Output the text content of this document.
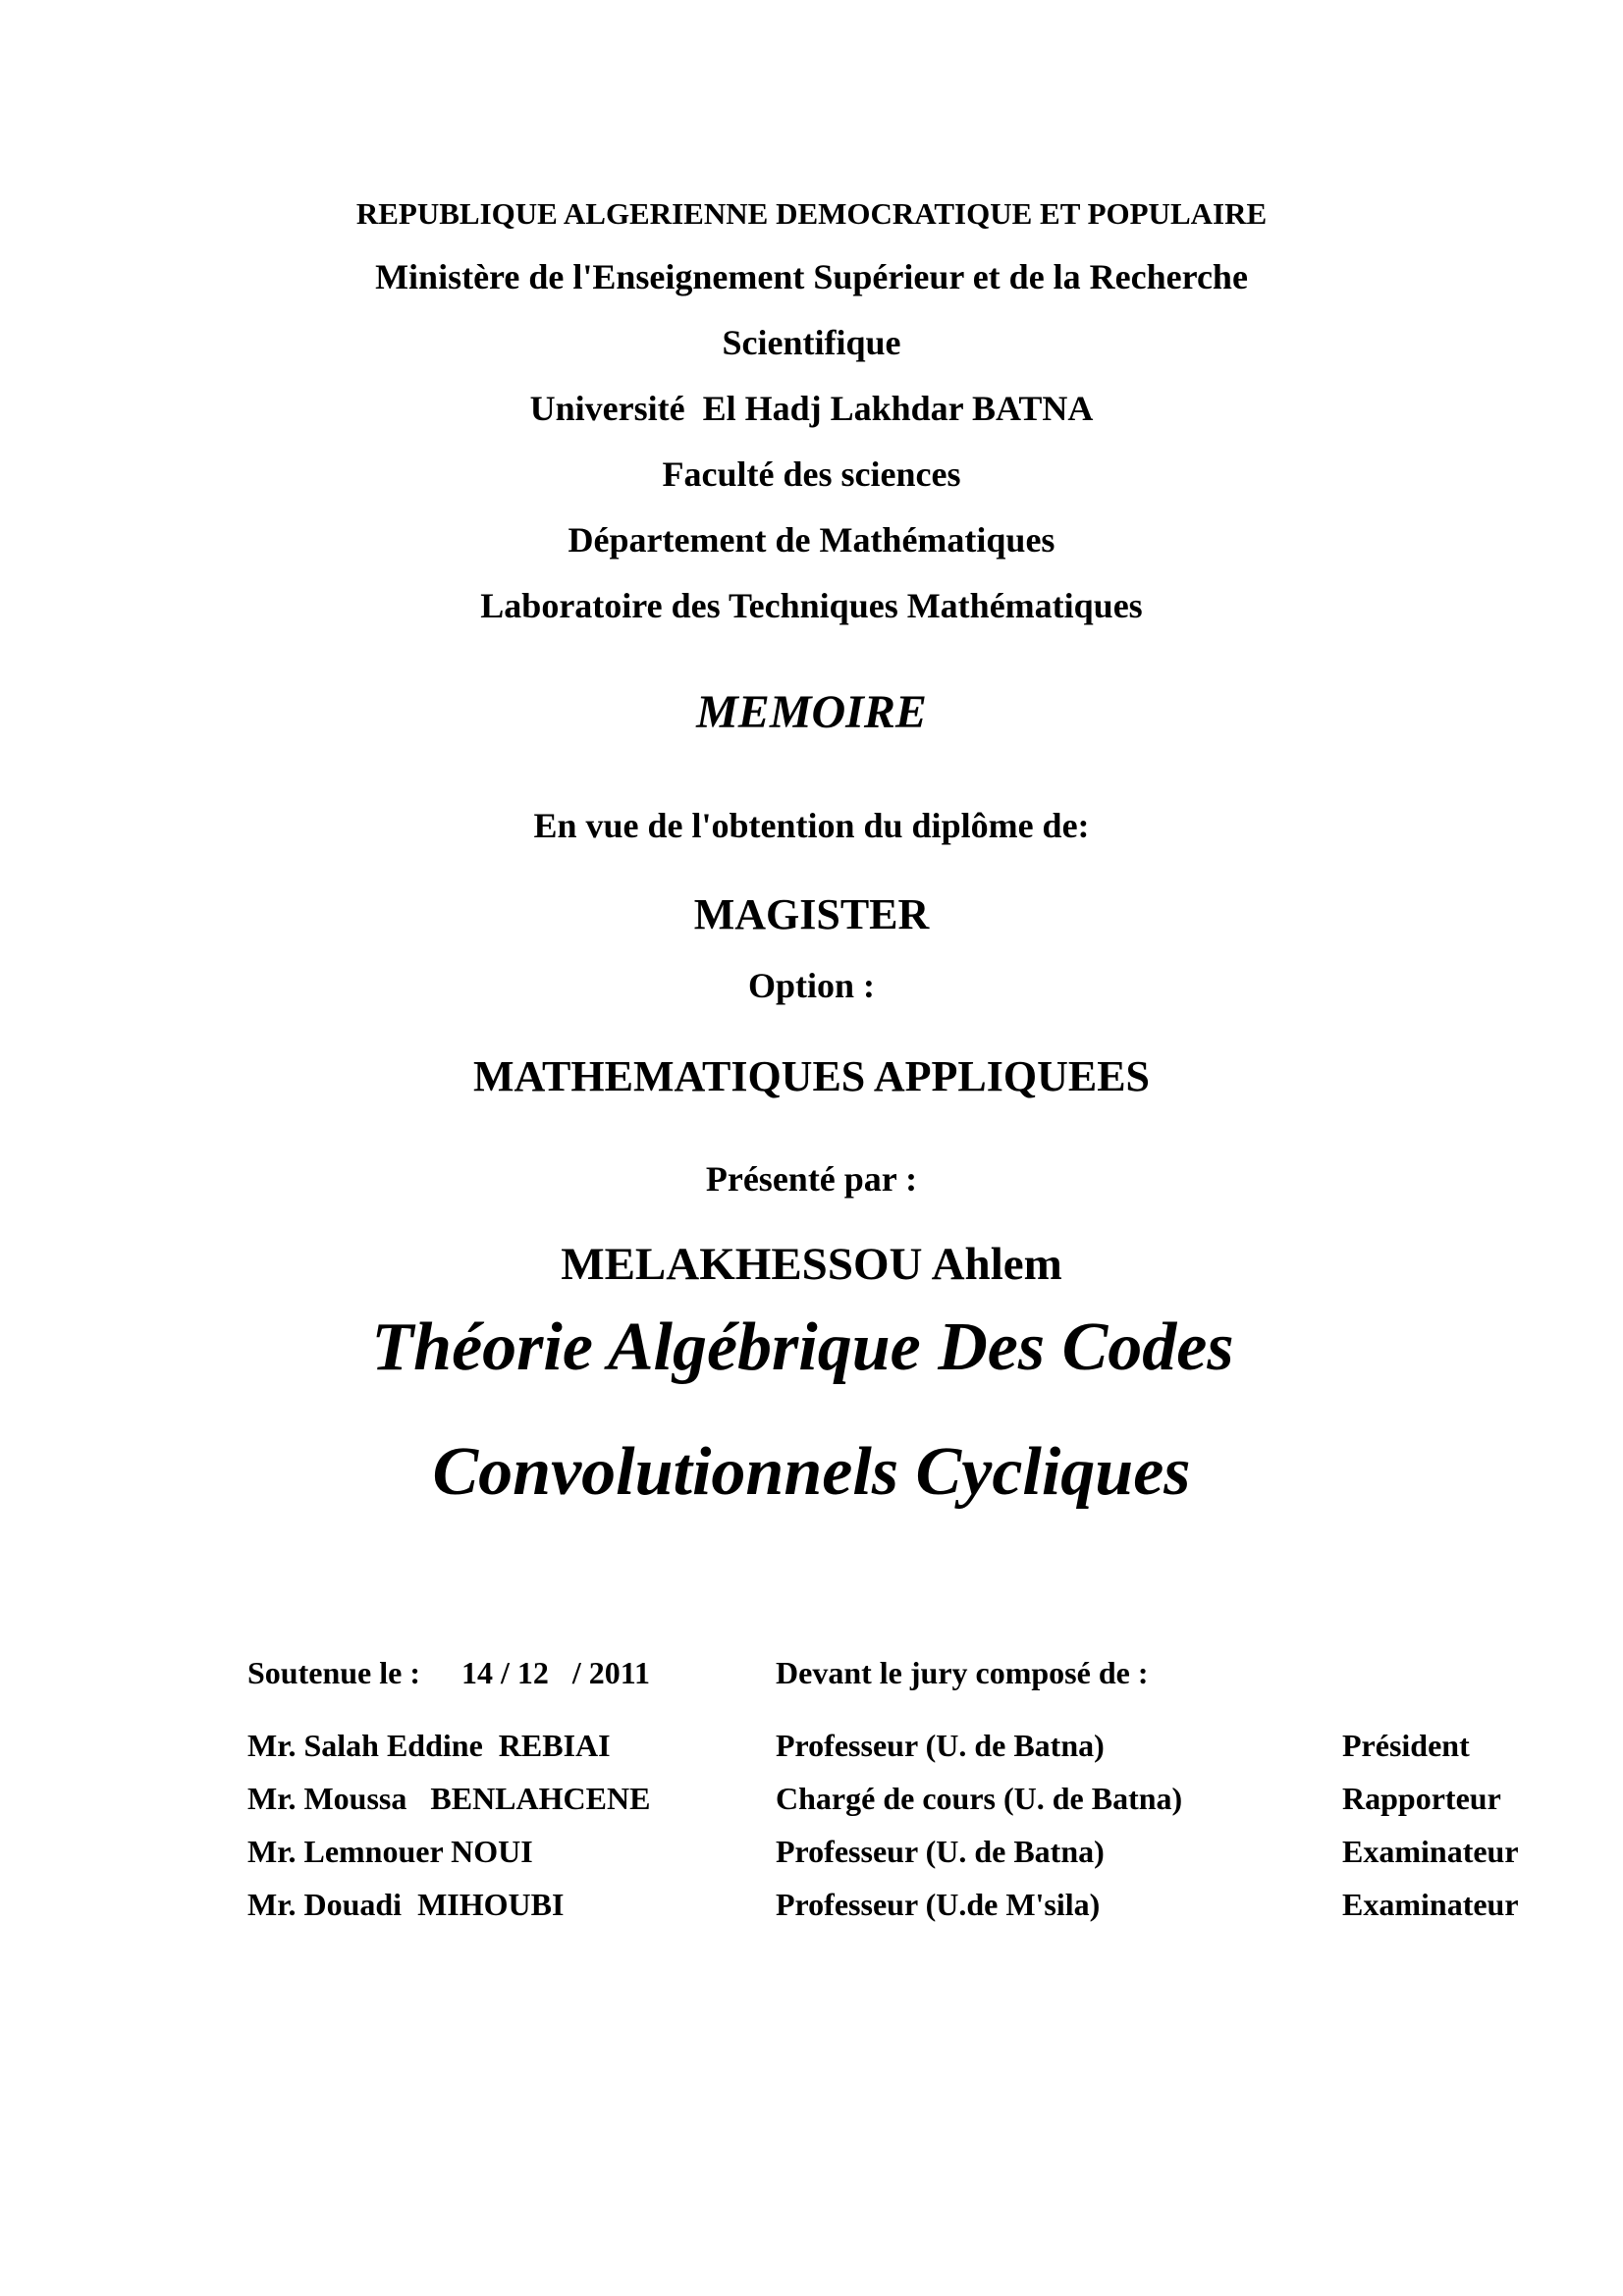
REPUBLIQUE ALGERIENNE DEMOCRATIQUE ET POPULAIRE
Ministère de l'Enseignement Supérieur et de la Recherche
Scientifique
Université  El Hadj Lakhdar BATNA
Faculté des sciences
Département de Mathématiques
Laboratoire des Techniques Mathématiques
MEMOIRE
En vue de l'obtention du diplôme de:
MAGISTER
Option :
MATHEMATIQUES APPLIQUEES
Présenté par :
MELAKHESSOU Ahlem
Théorie Algébrique Des Codes
Convolutionnels Cycliques
Soutenue le : 14 / 12   / 2011	Devant le jury composé de :
Mr. Salah Eddine  REBIAI	Professeur (U. de Batna)	Président
Mr. Moussa   BENLAHCENE	Chargé de cours (U. de Batna)	Rapporteur
Mr. Lemnouer NOUI	Professeur (U. de Batna)	Examinateur
Mr. Douadi  MIHOUBI	Professeur (U.de M'sila)	Examinateur
